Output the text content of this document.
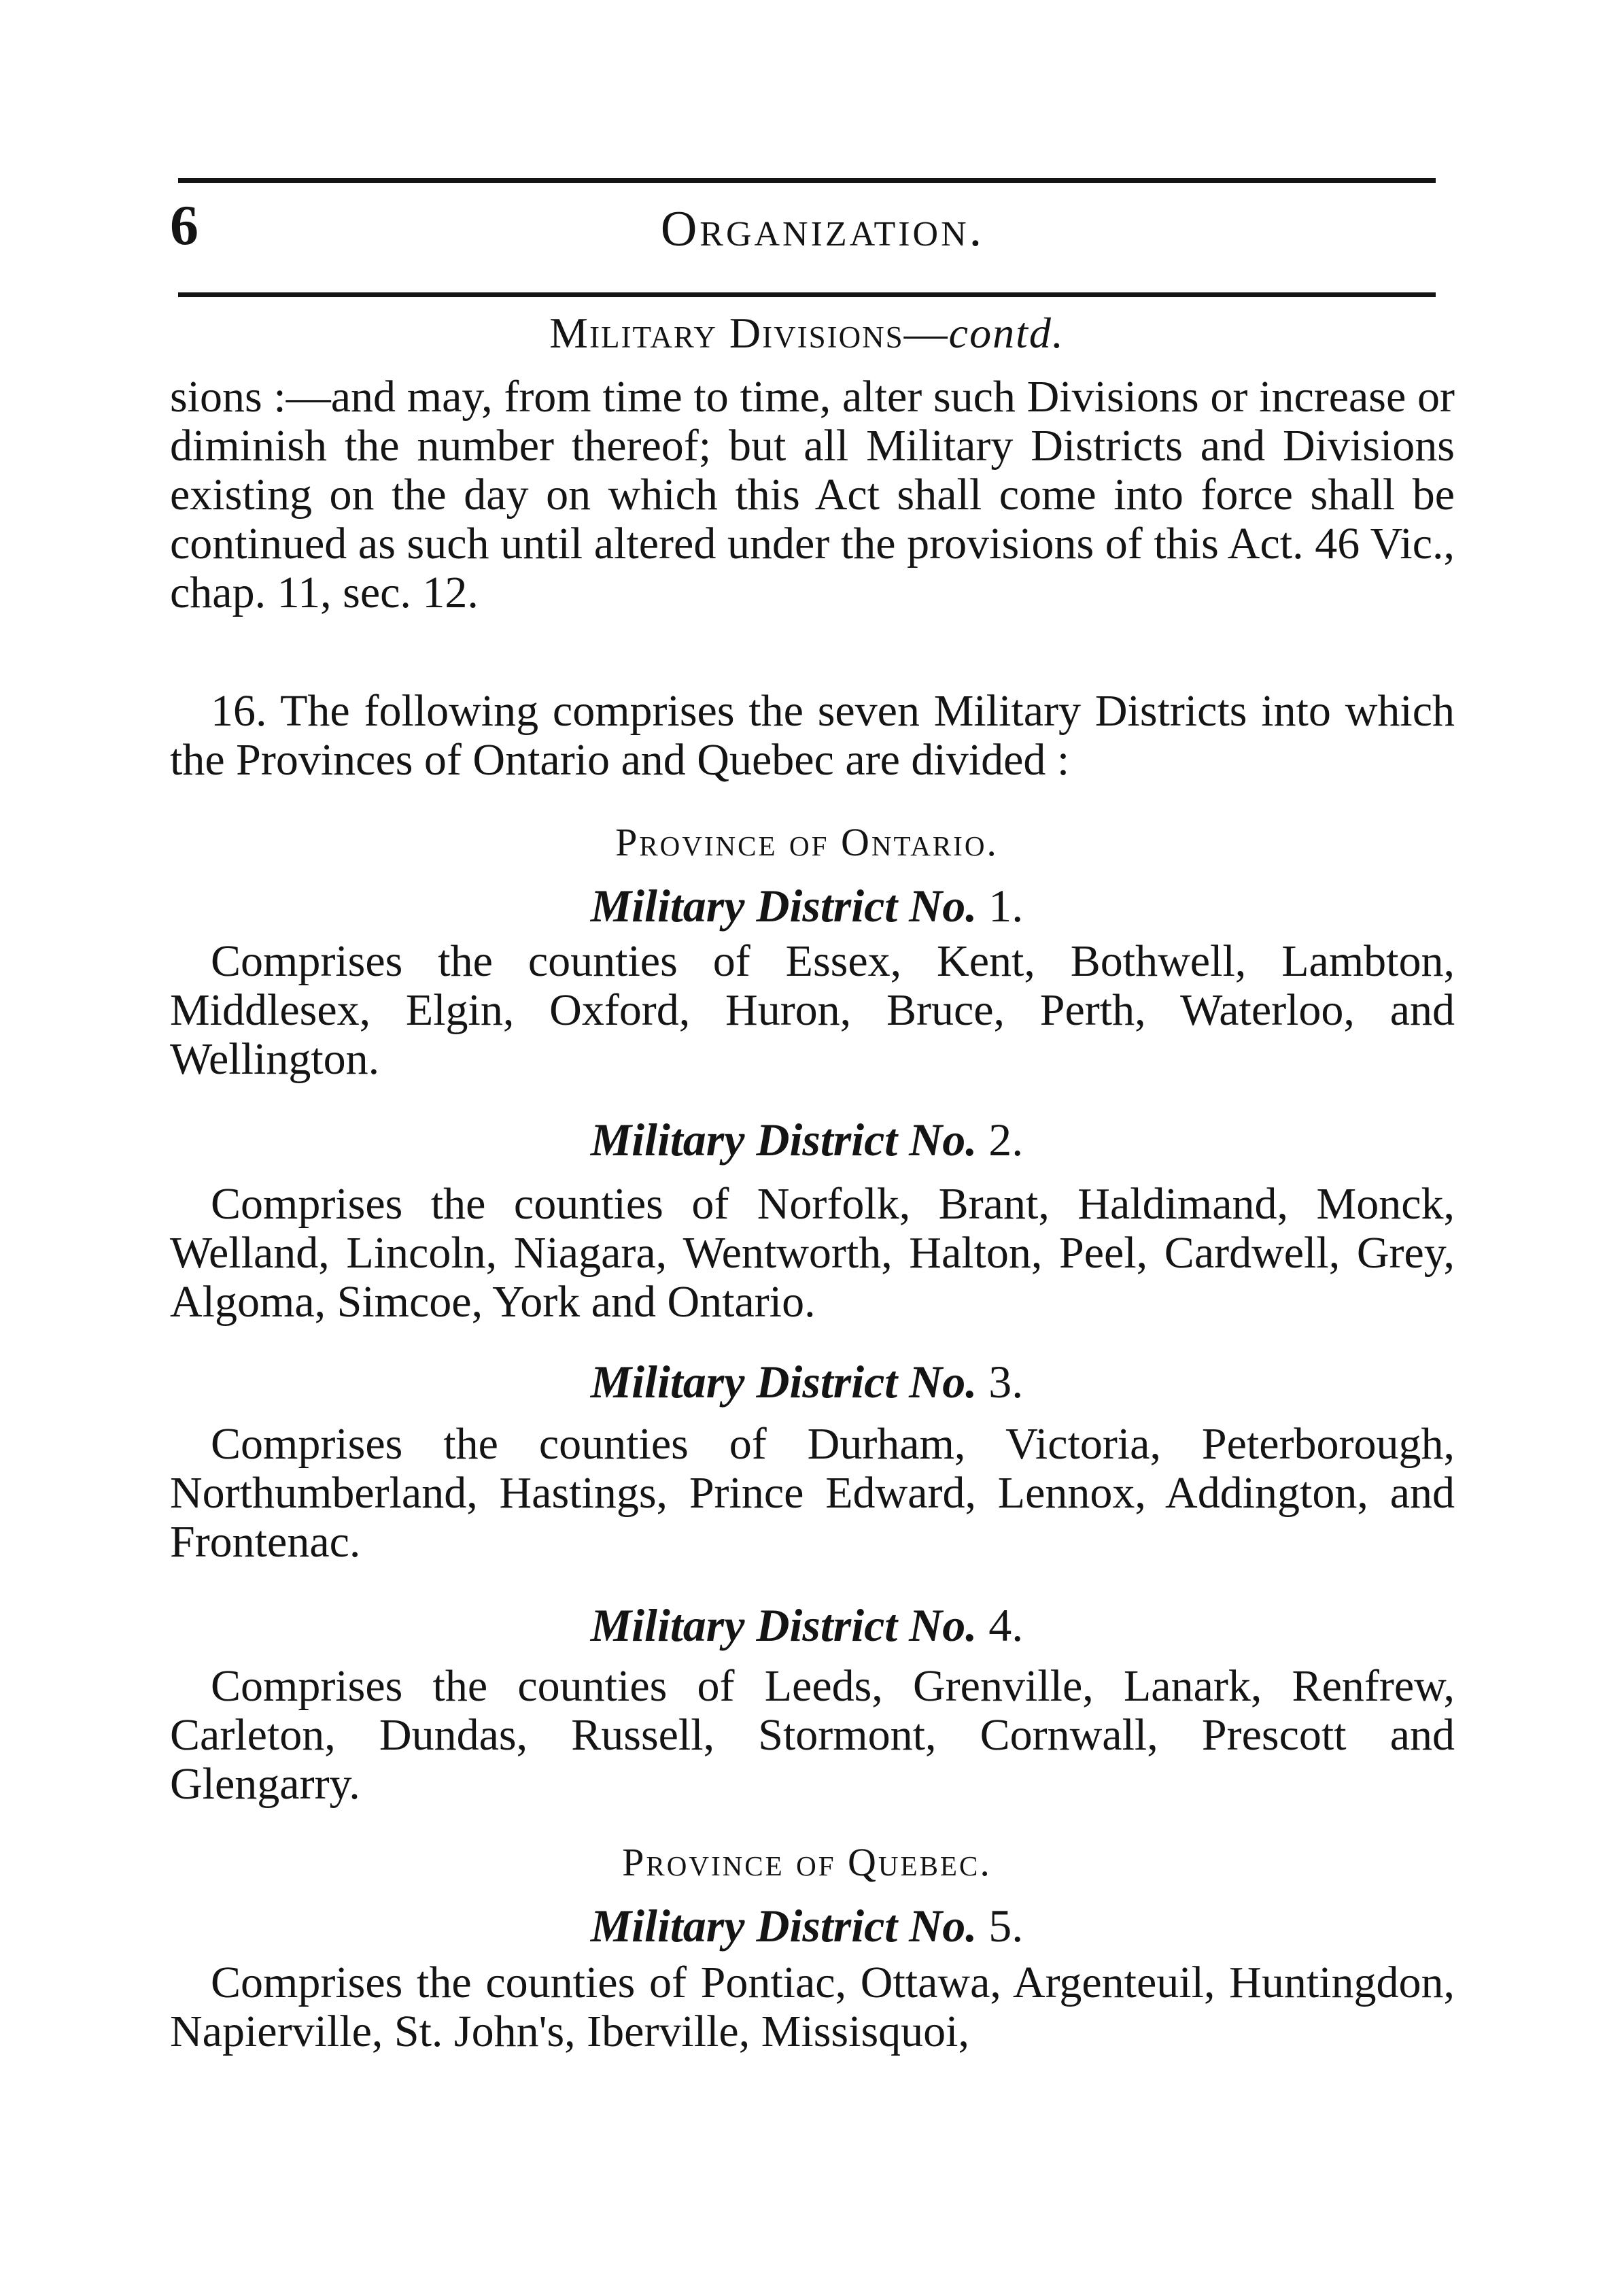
6	Organization.
Military Divisions—contd.
sions :—and may, from time to time, alter such Divisions or increase or diminish the number thereof; but all Military Districts and Divisions existing on the day on which this Act shall come into force shall be continued as such until altered under the provisions of this Act. 46 Vic., chap. 11, sec. 12.
16. The following comprises the seven Military Districts into which the Provinces of Ontario and Quebec are divided :
Province of Ontario.
Military District No. 1.
Comprises the counties of Essex, Kent, Bothwell, Lambton, Middlesex, Elgin, Oxford, Huron, Bruce, Perth, Waterloo, and Wellington.
Military District No. 2.
Comprises the counties of Norfolk, Brant, Haldimand, Monck, Welland, Lincoln, Niagara, Wentworth, Halton, Peel, Cardwell, Grey, Algoma, Simcoe, York and Ontario.
Military District No. 3.
Comprises the counties of Durham, Victoria, Peterborough, Northumberland, Hastings, Prince Edward, Lennox, Addington, and Frontenac.
Military District No. 4.
Comprises the counties of Leeds, Grenville, Lanark, Renfrew, Carleton, Dundas, Russell, Stormont, Cornwall, Prescott and Glengarry.
Province of Quebec.
Military District No. 5.
Comprises the counties of Pontiac, Ottawa, Argenteuil, Huntingdon, Napierville, St. John's, Iberville, Missisquoi,
